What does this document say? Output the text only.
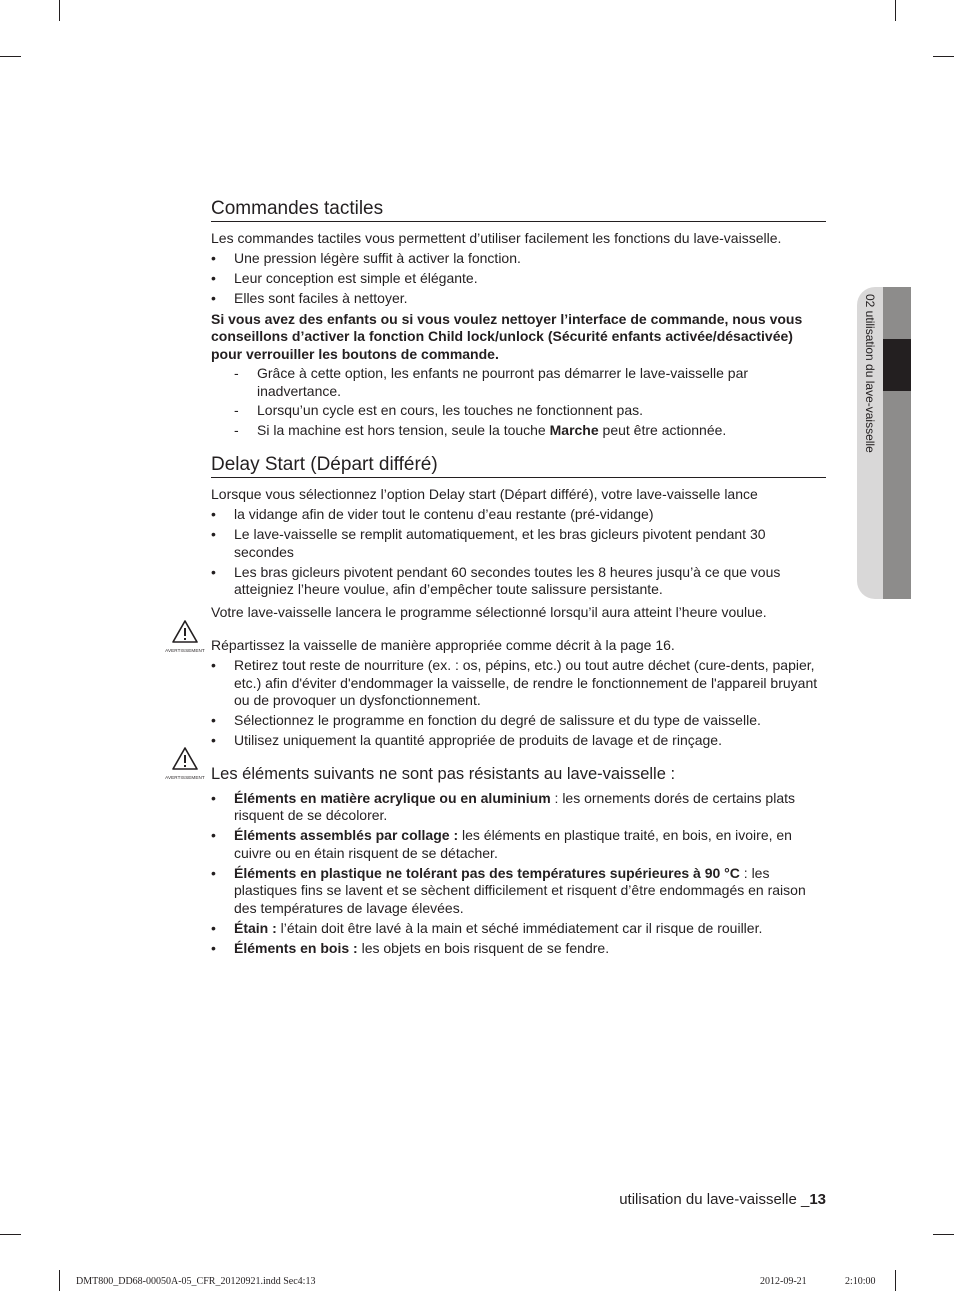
02 utilisation du lave-vaisselle
Commandes tactiles

Les commandes tactiles vous permettent d’utiliser facilement les fonctions du lave-vaisselle.

• Une pression légère suffit à activer la fonction.
• Leur conception est simple et élégante.
• Elles sont faciles à nettoyer.

Si vous avez des enfants ou si vous voulez nettoyer l’interface de commande, nous vous conseillons d’activer la fonction Child lock/unlock (Sécurité enfants activée/désactivée) pour verrouiller les boutons de commande.

- Grâce à cette option, les enfants ne pourront pas démarrer le lave-vaisselle par inadvertance.
- Lorsqu’un cycle est en cours, les touches ne fonctionnent pas.
- Si la machine est hors tension, seule la touche Marche peut être actionnée.
Delay Start (Départ différé)

Lorsque vous sélectionnez l’option Delay start (Départ différé), votre lave-vaisselle lance

• la vidange afin de vider tout le contenu d’eau restante (pré-vidange)
• Le lave-vaisselle se remplit automatiquement, et les bras gicleurs pivotent pendant 30 secondes
• Les bras gicleurs pivotent pendant 60 secondes toutes les 8 heures jusqu’à ce que vous atteigniez l’heure voulue, afin d’empêcher toute salissure persistante.

Votre lave-vaisselle lancera le programme sélectionné lorsqu’il aura atteint l’heure voulue.

AVERTISSEMENT Répartissez la vaisselle de manière appropriée comme décrit à la page 16.

• Retirez tout reste de nourriture (ex. : os, pépins, etc.) ou tout autre déchet (cure-dents, papier, etc.) afin d'éviter d'endommager la vaisselle, de rendre le fonctionnement de l'appareil bruyant ou de provoquer un dysfonctionnement.
• Sélectionnez le programme en fonction du degré de salissure et du type de vaisselle.
• Utilisez uniquement la quantité appropriée de produits de lavage et de rinçage.
AVERTISSEMENT Les éléments suivants ne sont pas résistants au lave-vaisselle :

• Éléments en matière acrylique ou en aluminium : les ornements dorés de certains plats risquent de se décolorer.
• Éléments assemblés par collage : les éléments en plastique traité, en bois, en ivoire, en cuivre ou en étain risquent de se détacher.
• Éléments en plastique ne tolérant pas des températures supérieures à 90 °C : les plastiques fins se lavent et se sèchent difficilement et risquent d’être endommagés en raison des températures de lavage élevées.
• Étain : l’étain doit être lavé à la main et séché immédiatement car il risque de rouiller.
• Éléments en bois : les objets en bois risquent de se fendre.
utilisation du lave-vaisselle _13
DMT800_DD68-00050A-05_CFR_20120921.indd Sec4:13	2012-09-21	2:10:00
